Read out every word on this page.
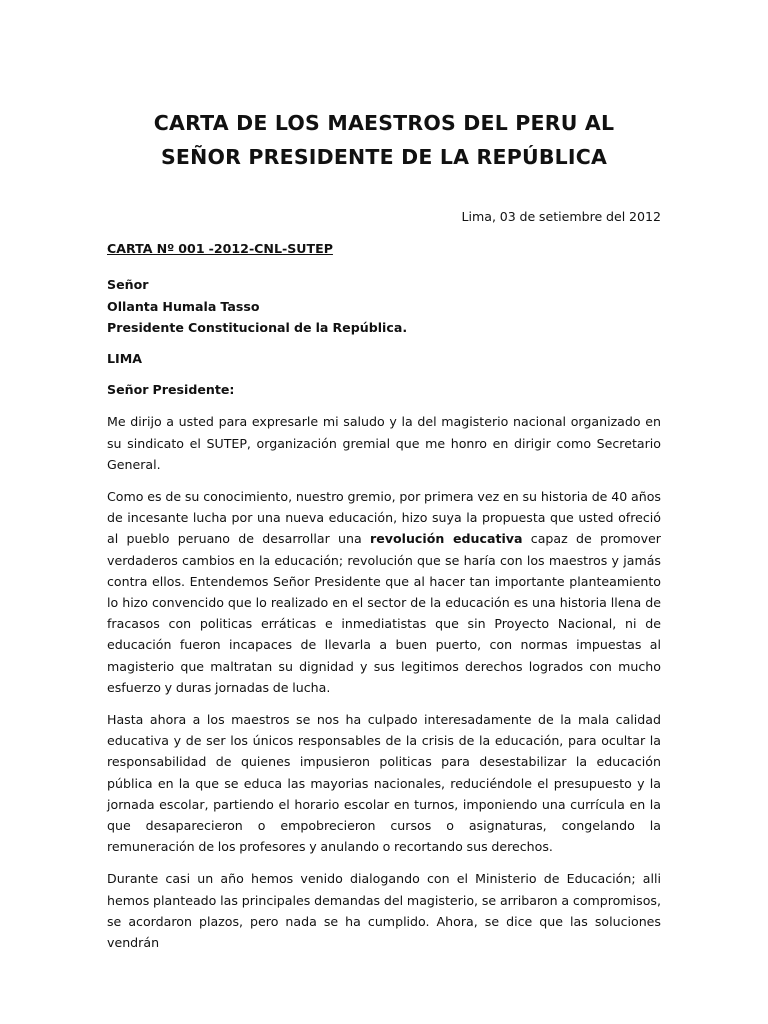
CARTA DE LOS MAESTROS DEL PERU AL
SEÑOR PRESIDENTE DE LA REPÚBLICA

Lima, 03 de setiembre del 2012

CARTA Nº 001 -2012-CNL-SUTEP

Señor
Ollanta Humala Tasso
Presidente Constitucional de la República.

LIMA

Señor Presidente:

Me dirijo a usted para expresarle mi saludo y la del magisterio nacional organizado en su sindicato el SUTEP, organización gremial que me honro en dirigir como Secretario General.

Como es de su conocimiento, nuestro gremio, por primera vez en su historia de 40 años de incesante lucha por una nueva educación, hizo suya la propuesta que usted ofreció al pueblo peruano de desarrollar una revolución educativa capaz de promover verdaderos cambios en la educación; revolución que se haría con los maestros y jamás contra ellos. Entendemos Señor Presidente que al hacer tan importante planteamiento lo hizo convencido que lo realizado en el sector de la educación es una historia llena de fracasos con politicas erráticas e inmediatistas que sin Proyecto Nacional, ni de educación fueron incapaces de llevarla a buen puerto, con normas impuestas al magisterio que maltratan su dignidad y sus legitimos derechos logrados con mucho esfuerzo y duras jornadas de lucha.

Hasta ahora a los maestros se nos ha culpado interesadamente de la mala calidad educativa y de ser los únicos responsables de la crisis de la educación, para ocultar la responsabilidad de quienes impusieron politicas para desestabilizar la educación pública en la que se educa las mayorias nacionales, reduciéndole el presupuesto y la jornada escolar, partiendo el horario escolar en turnos, imponiendo una currícula en la que desaparecieron o empobrecieron cursos o asignaturas, congelando la remuneración de los profesores y anulando o recortando sus derechos.

Durante casi un año hemos venido dialogando con el Ministerio de Educación; alli hemos planteado las principales demandas del magisterio, se arribaron a compromisos, se acordaron plazos, pero nada se ha cumplido. Ahora, se dice que las soluciones vendrán
